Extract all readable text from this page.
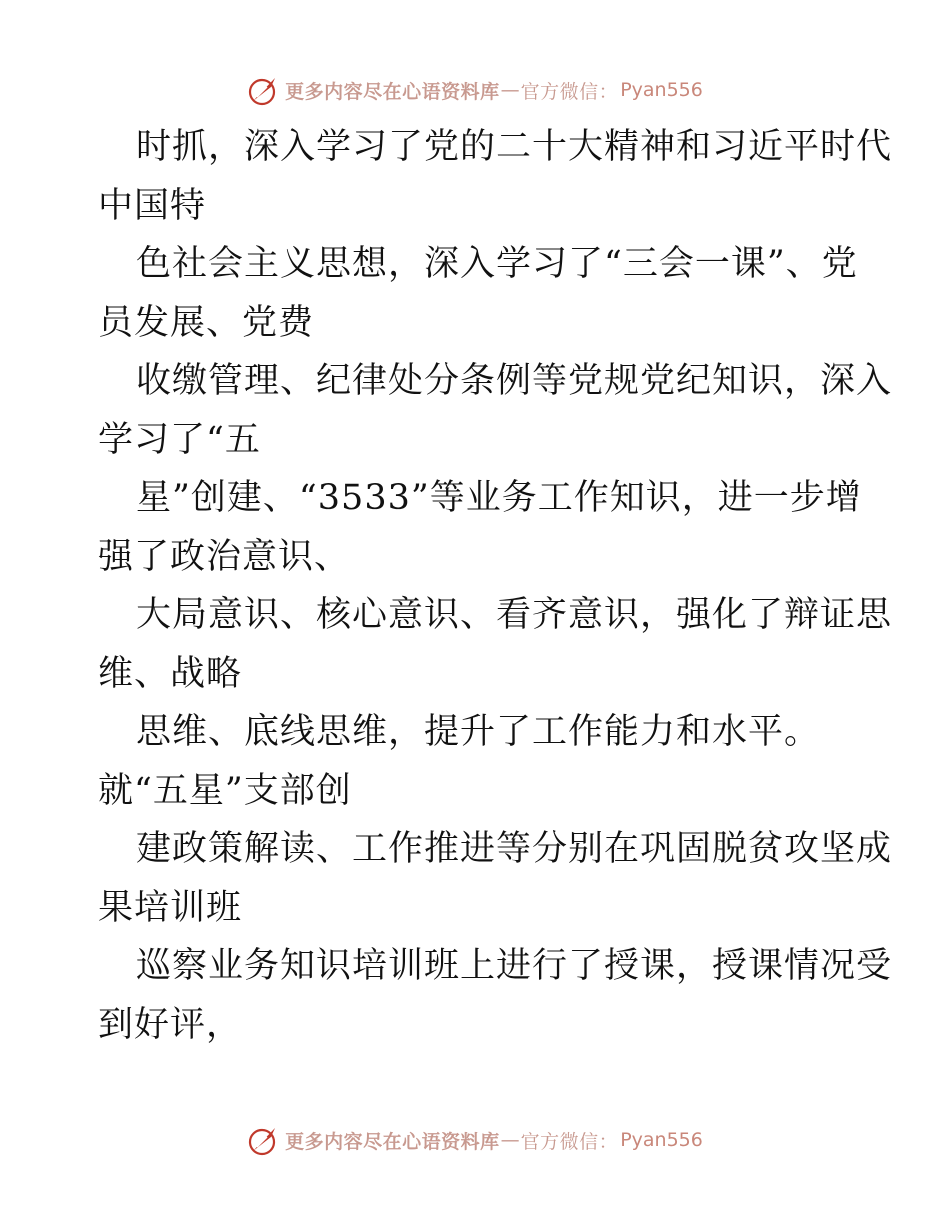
更多内容尽在心语资料库 — 官方微信： Pyan556
时抓，深入学习了党的二十大精神和习近平时代
中国特
色社会主义思想，深入学习了“三会一课”、党
员发展、党费
收缴管理、纪律处分条例等党规党纪知识，深入
学习了“五
星”创建、“3533”等业务工作知识，进一步增
强了政治意识、
大局意识、核心意识、看齐意识，强化了辩证思
维、战略
思维、底线思维，提升了工作能力和水平。
就“五星”支部创
建政策解读、工作推进等分别在巩固脱贫攻坚成
果培训班
巡察业务知识培训班上进行了授课，授课情况受
到好评，
更多内容尽在心语资料库 — 官方微信： Pyan556
